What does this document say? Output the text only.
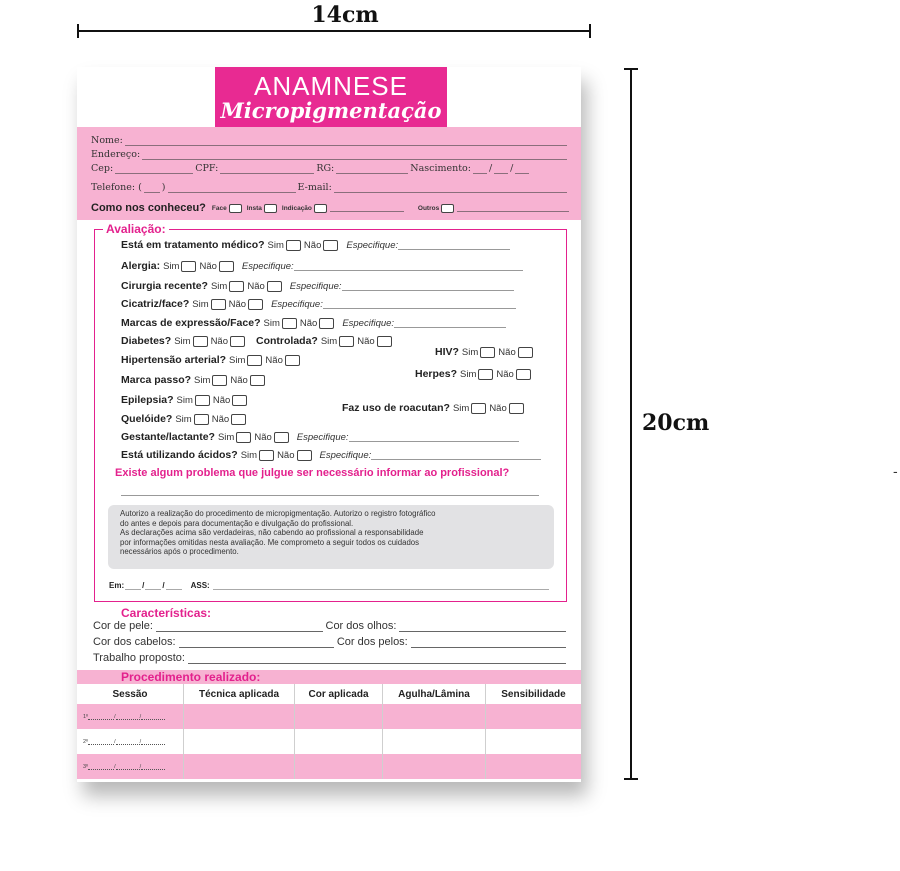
14cm
20cm
-
ANAMNESE
Micropigmentação
Nome:
Endereço:
Cep:	CPF:	RG:	Nascimento: / /
Telefone: ( )	E-mail:
Como nos conheceu? Face	Insta	Indicação	Outros
Avaliação:
Está em tratamento médico? Sim Não	Especifique:
Alergia: Sim Não	Especifique:
Cirurgia recente? Sim Não	Especifique:
Cicatriz/face? Sim Não	Especifique:
Marcas de expressão/Face? Sim Não	Especifique:
Diabetes? Sim Não	Controlada? Sim Não
Hipertensão arterial? Sim Não
HIV? Sim Não
Marca passo? Sim Não	Herpes? Sim Não
Epilepsia? Sim Não
Faz uso de roacutan? Sim Não
Quelóide? Sim Não
Gestante/lactante? Sim Não	Especifique:
Está utilizando ácidos? Sim Não	Especifique:
Existe algum problema que julgue ser necessário informar ao profissional?
Autorizo a realização do procedimento de micropigmentação. Autorizo o registro fotográfico
do antes e depois para documentação e divulgação do profissional.
As declarações acima são verdadeiras, não cabendo ao profissional a responsabilidade
por informações omitidas nesta avaliação. Me comprometo a seguir todos os cuidados
necessários após o procedimento.
Em: / /	ASS:
Características:
Cor de pele:	Cor dos olhos:
Cor dos cabelos:	Cor dos pelos:
Trabalho proposto:
Procedimento realizado:
Sessão	Técnica aplicada	Cor aplicada	Agulha/Lâmina	Sensibilidade
1º	/	/
2º	/	/
3º	/	/
